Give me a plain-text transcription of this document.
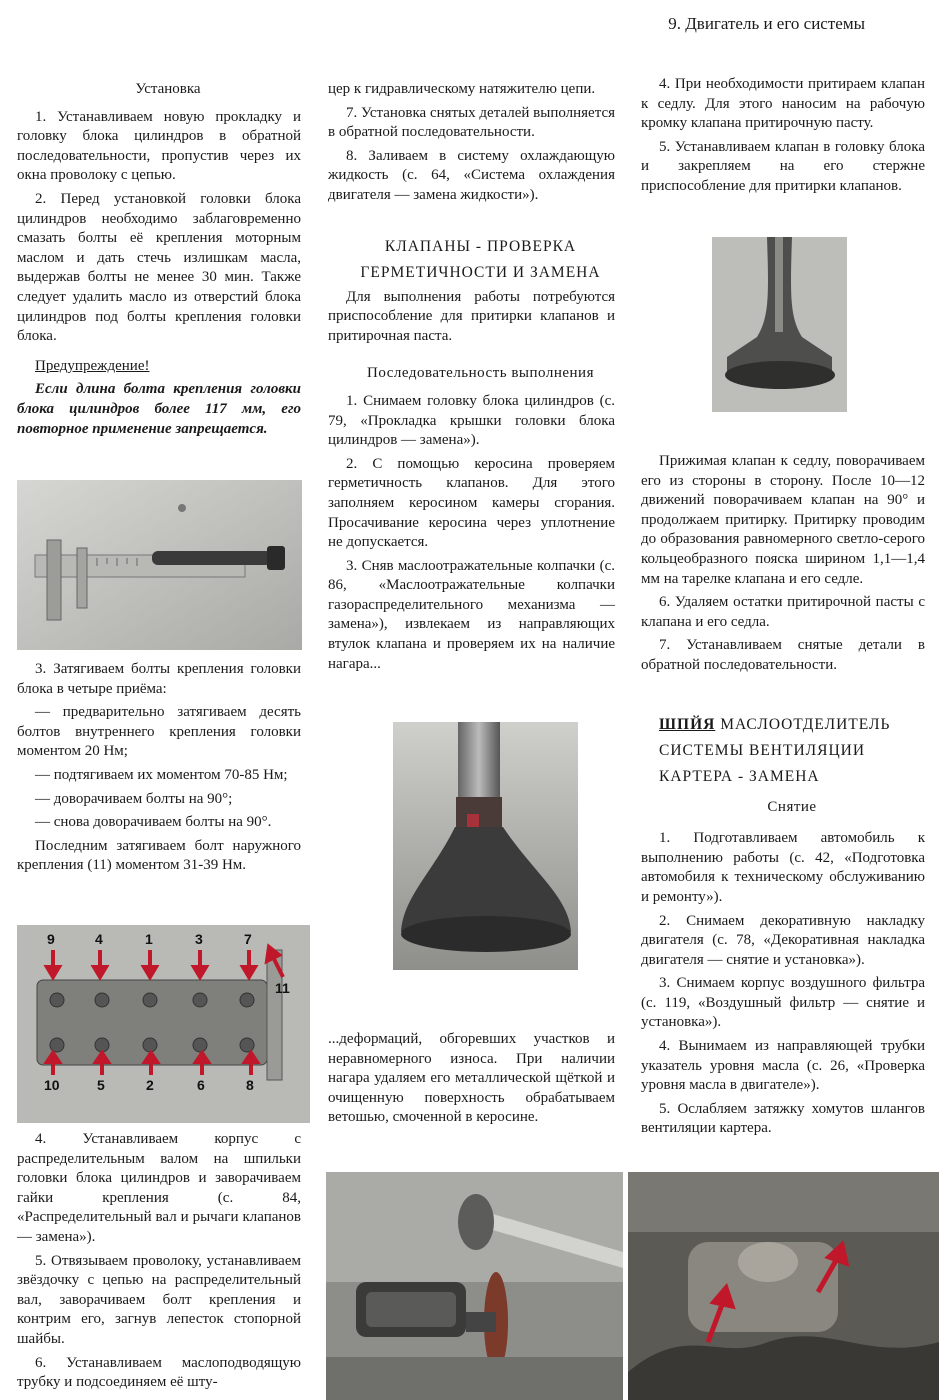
9. Двигатель и его системы

Установка

1. Устанавливаем новую прокладку и головку блока цилиндров в обратной последовательности, пропустив через их окна проволоку с цепью.

2. Перед установкой головки блока цилиндров необходимо заблаговременно смазать болты её крепления моторным маслом и дать стечь излишкам масла, выдержав болты не менее 30 мин. Также следует удалить масло из отверстий блока цилиндров под болты крепления головки блока.

Предупреждение!

Если длина болта крепления головки блока цилиндров более 117 мм, его повторное применение запрещается.

3. Затягиваем болты крепления головки блока в четыре приёма:

— предварительно затягиваем десять болтов внутреннего крепления головки моментом 20 Нм;

— подтягиваем их моментом 70-85 Нм;

— доворачиваем болты на 90°;

— снова доворачиваем болты на 90°.

Последним затягиваем болт наружного крепления (11) моментом 31-39 Нм.

9	4	1	3	7
10	5	2	6	8
11

4. Устанавливаем корпус с распределительным валом на шпильки головки блока цилиндров и заворачиваем гайки крепления (с. 84, «Распределительный вал и рычаги клапанов — замена»).

5. Отвязываем проволоку, устанавливаем звёздочку с цепью на распределительный вал, заворачиваем болт крепления и контрим его, загнув лепесток стопорной шайбы.

6. Устанавливаем маслоподводящую трубку и подсоединяем её шту-

цер к гидравлическому натяжителю цепи.

7. Установка снятых деталей выполняется в обратной последовательности.

8. Заливаем в систему охлаждающую жидкость (с. 64, «Система охлаждения двигателя — замена жидкости»).

КЛАПАНЫ - ПРОВЕРКА

ГЕРМЕТИЧНОСТИ И ЗАМЕНА

Для выполнения работы потребуются приспособление для притирки клапанов и притирочная паста.

Последовательность выполнения

1. Снимаем головку блока цилиндров (с. 79, «Прокладка крышки головки блока цилиндров — замена»).

2. С помощью керосина проверяем герметичность клапанов. Для этого заполняем керосином камеры сгорания. Просачивание керосина через уплотнение не допускается.

3. Сняв маслоотражательные колпачки (с. 86, «Маслоотражательные колпачки газораспределительного механизма — замена»), извлекаем из направляющих втулок клапана и проверяем их на наличие нагара...

...деформаций, обгоревших участков и неравномерного износа. При наличии нагара удаляем его металлической щёткой и очищенную поверхность обрабатываем ветошью, смоченной в керосине.

4. При необходимости притираем клапан к седлу. Для этого наносим на рабочую кромку клапана притирочную пасту.

5. Устанавливаем клапан в головку блока и закрепляем на его стержне приспособление для притирки клапанов.

Прижимая клапан к седлу, поворачиваем его из стороны в сторону. После 10—12 движений поворачиваем клапан на 90° и продолжаем притирку. Притирку проводим до образования равномерного светло-серого кольцеобразного пояска ширином 1,1—1,4 мм на тарелке клапана и его седле.

6. Удаляем остатки притирочной пасты с клапана и его седла.

7. Устанавливаем снятые детали в обратной последовательности.

ШПЙЯ МАСЛООТДЕЛИТЕЛЬ

СИСТЕМЫ ВЕНТИЛЯЦИИ

КАРТЕРА - ЗАМЕНА

Снятие

1. Подготавливаем автомобиль к выполнению работы (с. 42, «Подготовка автомобиля к техническому обслуживанию и ремонту»).

2. Снимаем декоративную накладку двигателя (с. 78, «Декоративная накладка двигателя — снятие и установка»).

3. Снимаем корпус воздушного фильтра (с. 119, «Воздушный фильтр — снятие и установка»).

4. Вынимаем из направляющей трубки указатель уровня масла (с. 26, «Проверка уровня масла в двигателе»).

5. Ослабляем затяжку хомутов шлангов вентиляции картера.
